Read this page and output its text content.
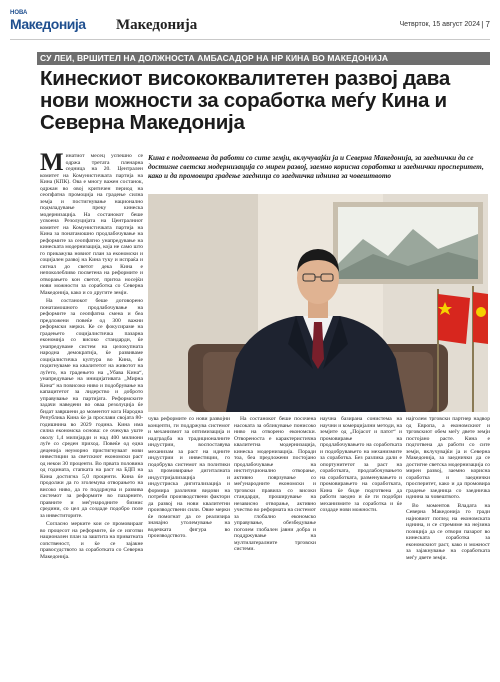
НОВА
Македонија Македонија	Четврток, 15 август 2024 | 7
СУ ЛЕИ, ВРШИТЕЛ НА ДОЛЖНОСТА АМБАСАДОР НА НР КИНА ВО МАКЕДОНИЈА
Кинескиот висококвалитетен развој дава нови можности за соработка меѓу Кина и Северна Македонија
Кина е подготвена да работи со сите земји, вклучувајќи ја и Северна Македонија, за заеднички да се достигне светска модернизација со мирен развој, заемно корисна соработка и заеднички просперитет, како и да промовира градење заедница со заедничка иднина за човештвото

М инатиот месец успешно се одржа третата пленарна седница на 20. Централен комитет на Комунистичката партија на Кина (КПК). Ова е многу важен состанок, одржан во овој критичен период на сеопфатна промоција на градење силна земја и постигнување национално подмладување преку кинеска модернизација. На состанокот беше усвоена Резолуцијата на Централниот комитет на Комунистичката партија на Кина за понатамошно продлабочување на реформите за сеопфатно унапредување на кинеската модернизација, која не само што го прикажува новиот план за економски и социјален развој на Кина туку и испраќа и сигнал до светот дека Кина е непоколебливо посветена на реформите и отворањето кон светот, притоа носејќи нови можности за соработка со Северна Македонија, како и со другите земји.

На состанокот беше договорено понатамошното продлабочување на реформите за сеопфатна смена и беа предложени повеќе од 300 важни реформски мерки. Ке се фокусираме на градењето социјалистичка пазарна економија со високо стандарди, ќе унапредуваме систем на целокупната народна демократија, ќе развиваме социјалистичка култура во Кина, ќе подигнуваме на квалитетот на животот на луѓето, на градењето на „Убава Кина“, унапредување на иницијативата „Мирна Кина“ на повисоко ниво и подобрување на капацитетот за лидерство и доброто управување на партијата. Реформските задачи наведени во оваа резолуција ќе бидат завршени до моментот кога Народна Република Кина ќе ја прослави својата 80-годишнина во 2029 година. Кина има силна економска основа: се очекува уште околу 1,4 милијарди и над 400 милиони луѓе со среден приход. Повеќе од една деценија неуморно пристигнуваат нови инвестиции за светскиот економски раст од некои 30 проценти. Во првата половина од годината, стапката на раст на БДП на Кина достигна 5,0 проценти. Кина ќе продолжи да го зголемува отворањето на високо ниво, да го поддржува и развива системот за реформите во пазарните, правните и меѓународните бизнис средини, со цел да создаде подобро поле за инвеститорите.

Согласно мерките кои се промовираат во процесот на реформите, ќе се изготви национален план за заштита на приватната сопственост, и ќе се зајакне правосудството за соработката со Северна Македонија.

чува реформите со нови развојни концепти, ги поддржува системот и механизмот за оптимизација и надградба на традиционалните индустрии, воспоставува механизам за раст на идните индустрии и инвестиции, го подобрува системот на политики за промовирање дигиталната индустријализација и индустриска дигитализација и формира различни видови на потреби производствени фактори да развој на нови квалитетни производствени сили. Овие мерки ќе помогнат да се реализира значајно утолемување на водечката фигура во производството.

На состанокот беше посочена насоката за обликување понисоко ниво на отворено економски. Отвореноста е карактеристична квалитетна модернизација, кинеска модернизација. Поради тоа, беа предложени постојано продлабочување на институционално отворање, активно поврзување со меѓународните економски и трговски правила со високи стандарди, проширување на независно отворање, активно учество во реформата на системот за глобално економско управување, обезбедување поголем глобален јавни добра и поддржување на мултилатералните трговски системи.

научна базирана сонистема на научни и комерцијални методи, на земјите од „Појасот и патот“ и промовирање на продлабочувањето на соработката и подобрувањето на механизмите за соработка. Без разлика дали е опортунитетот за раст на соработката, продлабочувањето на соработката, разменувањето и промовирањето на соработката, Кина ќе биде подготвена да работи заедно и ќе ги подобри механизмите за соработка и ќе создаде нови можности.

најголем трговски партнер надвор од Европа, а економскиот и трговскиот обем меѓу двете земји постојано расте. Кина е подготвена да работи со сите земји, вклучувајќи ја и Северна Македонија, за заеднички да се достигне светска модернизација со мирен развој, заемно корисна соработка и заеднички просперитет, како и да промовира градење заедница со заедничка иднина за човештвото.

Во моментов Владата на Северна Македонија го гради најновиот поглед на економската иднина, и се стремиме на нејзина позиција да се отвори пазарот во кинеската соработка за економскиот раст, како и можност за зајакнување на соработката меѓу двете земји.
